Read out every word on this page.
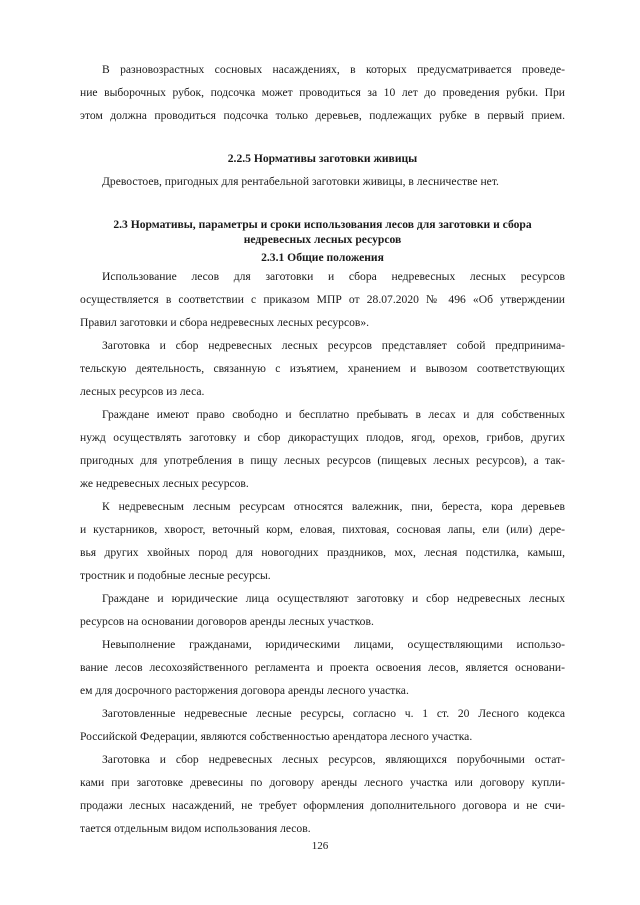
В разновозрастных сосновых насаждениях, в которых предусматривается проведе-
ние выборочных рубок, подсочка может проводиться за 10 лет до проведения рубки. При
этом должна проводиться подсочка только деревьев, подлежащих рубке в первый прием.
2.2.5 Нормативы заготовки живицы
Древостоев, пригодных для рентабельной заготовки живицы, в лесничестве нет.
2.3 Нормативы, параметры и сроки использования лесов для заготовки и сбора
недревесных лесных ресурсов
2.3.1 Общие положения
Использование лесов для заготовки и сбора недревесных лесных ресурсов
осуществляется в соответствии с приказом МПР от 28.07.2020 № 496 «Об утверждении
Правил заготовки и сбора недревесных лесных ресурсов».
Заготовка и сбор недревесных лесных ресурсов представляет собой предпринима-
тельскую деятельность, связанную с изъятием, хранением и вывозом соответствующих
лесных ресурсов из леса.
Граждане имеют право свободно и бесплатно пребывать в лесах и для собственных
нужд осуществлять заготовку и сбор дикорастущих плодов, ягод, орехов, грибов, других
пригодных для употребления в пищу лесных ресурсов (пищевых лесных ресурсов), а так-
же недревесных лесных ресурсов.
К недревесным лесным ресурсам относятся валежник, пни, береста, кора деревьев
и кустарников, хворост, веточный корм, еловая, пихтовая, сосновая лапы, ели (или) дере-
вья других хвойных пород для новогодних праздников, мох, лесная подстилка, камыш,
тростник и подобные лесные ресурсы.
Граждане и юридические лица осуществляют заготовку и сбор недревесных лесных
ресурсов на основании договоров аренды лесных участков.
Невыполнение гражданами, юридическими лицами, осуществляющими использо-
вание лесов лесохозяйственного регламента и проекта освоения лесов, является основани-
ем для досрочного расторжения договора аренды лесного участка.
Заготовленные недревесные лесные ресурсы, согласно ч. 1 ст. 20 Лесного кодекса
Российской Федерации, являются собственностью арендатора лесного участка.
Заготовка и сбор недревесных лесных ресурсов, являющихся порубочными остат-
ками при заготовке древесины по договору аренды лесного участка или договору купли-
продажи лесных насаждений, не требует оформления дополнительного договора и не счи-
тается отдельным видом использования лесов.
126
